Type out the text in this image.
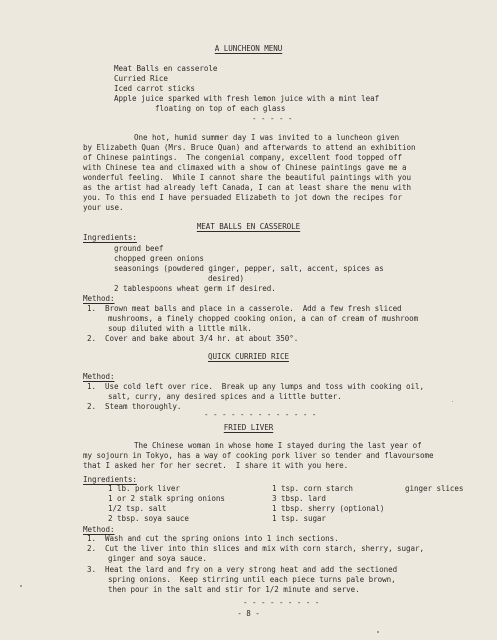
A LUNCHEON MENU
Meat Balls en casserole
Curried Rice
Iced carrot sticks
Apple juice sparked with fresh lemon juice with a mint leaf
floating on top of each glass
- - - - -
One hot, humid summer day I was invited to a luncheon given
by Elizabeth Quan (Mrs. Bruce Quan) and afterwards to attend an exhibition
of Chinese paintings.  The congenial company, excellent food topped off
with Chinese tea and climaxed with a show of Chinese paintings gave me a
wonderful feeling.  While I cannot share the beautiful paintings with you
as the artist had already left Canada, I can at least share the menu with
you. To this end I have persuaded Elizabeth to jot down the recipes for
your use.
MEAT BALLS EN CASSEROLE
Ingredients:
ground beef
chopped green onions
seasonings (powdered ginger, pepper, salt, accent, spices as
desired)
2 tablespoons wheat germ if desired.
Method:
1.  Brown meat balls and place in a casserole.  Add a few fresh sliced
mushrooms, a finely chopped cooking onion, a can of cream of mushroom
soup diluted with a little milk.
2.  Cover and bake about 3/4 hr. at about 350°.
QUICK CURRIED RICE
Method:
1.  Use cold left over rice.  Break up any lumps and toss with cooking oil,
salt, curry, any desired spices and a little butter.
2.  Steam thoroughly.
- - - - - - - - - - - - -
FRIED LIVER
The Chinese woman in whose home I stayed during the last year of
my sojourn in Tokyo, has a way of cooking pork liver so tender and flavoursome
that I asked her for her secret.  I share it with you here.
Ingredients:
1 lb. pork liver
1 or 2 stalk spring onions
1/2 tsp. salt
2 tbsp. soya sauce
1 tsp. corn starch
3 tbsp. lard
1 tbsp. sherry (optional)
1 tsp. sugar
ginger slices
Method:
1.  Wash and cut the spring onions into 1 inch sections.
2.  Cut the liver into thin slices and mix with corn starch, sherry, sugar,
ginger and soya sauce.
3.  Heat the lard and fry on a very strong heat and add the sectioned
spring onions.  Keep stirring until each piece turns pale brown,
then pour in the salt and stir for 1/2 minute and serve.
- - - - - - - - -
- 8 -
